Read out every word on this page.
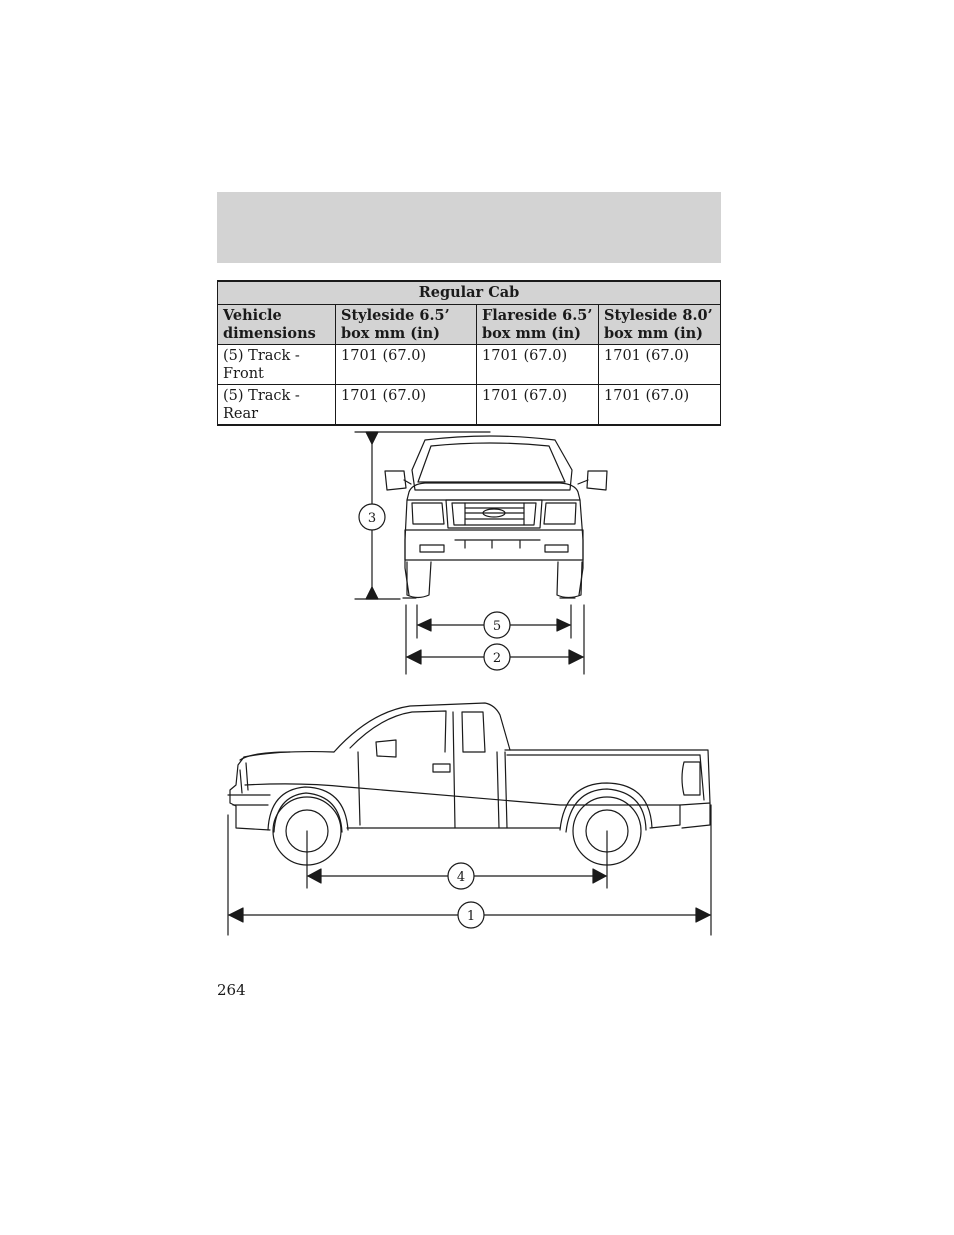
Regular Cab			
Vehicle dimensions	Styleside 6.5’ box mm (in)	Flareside 6.5’ box mm (in)	Styleside 8.0’ box mm (in)
(5) Track - Front	1701 (67.0)	1701 (67.0)	1701 (67.0)
(5) Track - Rear	1701 (67.0)	1701 (67.0)	1701 (67.0)
3
5
2
4
1
264
